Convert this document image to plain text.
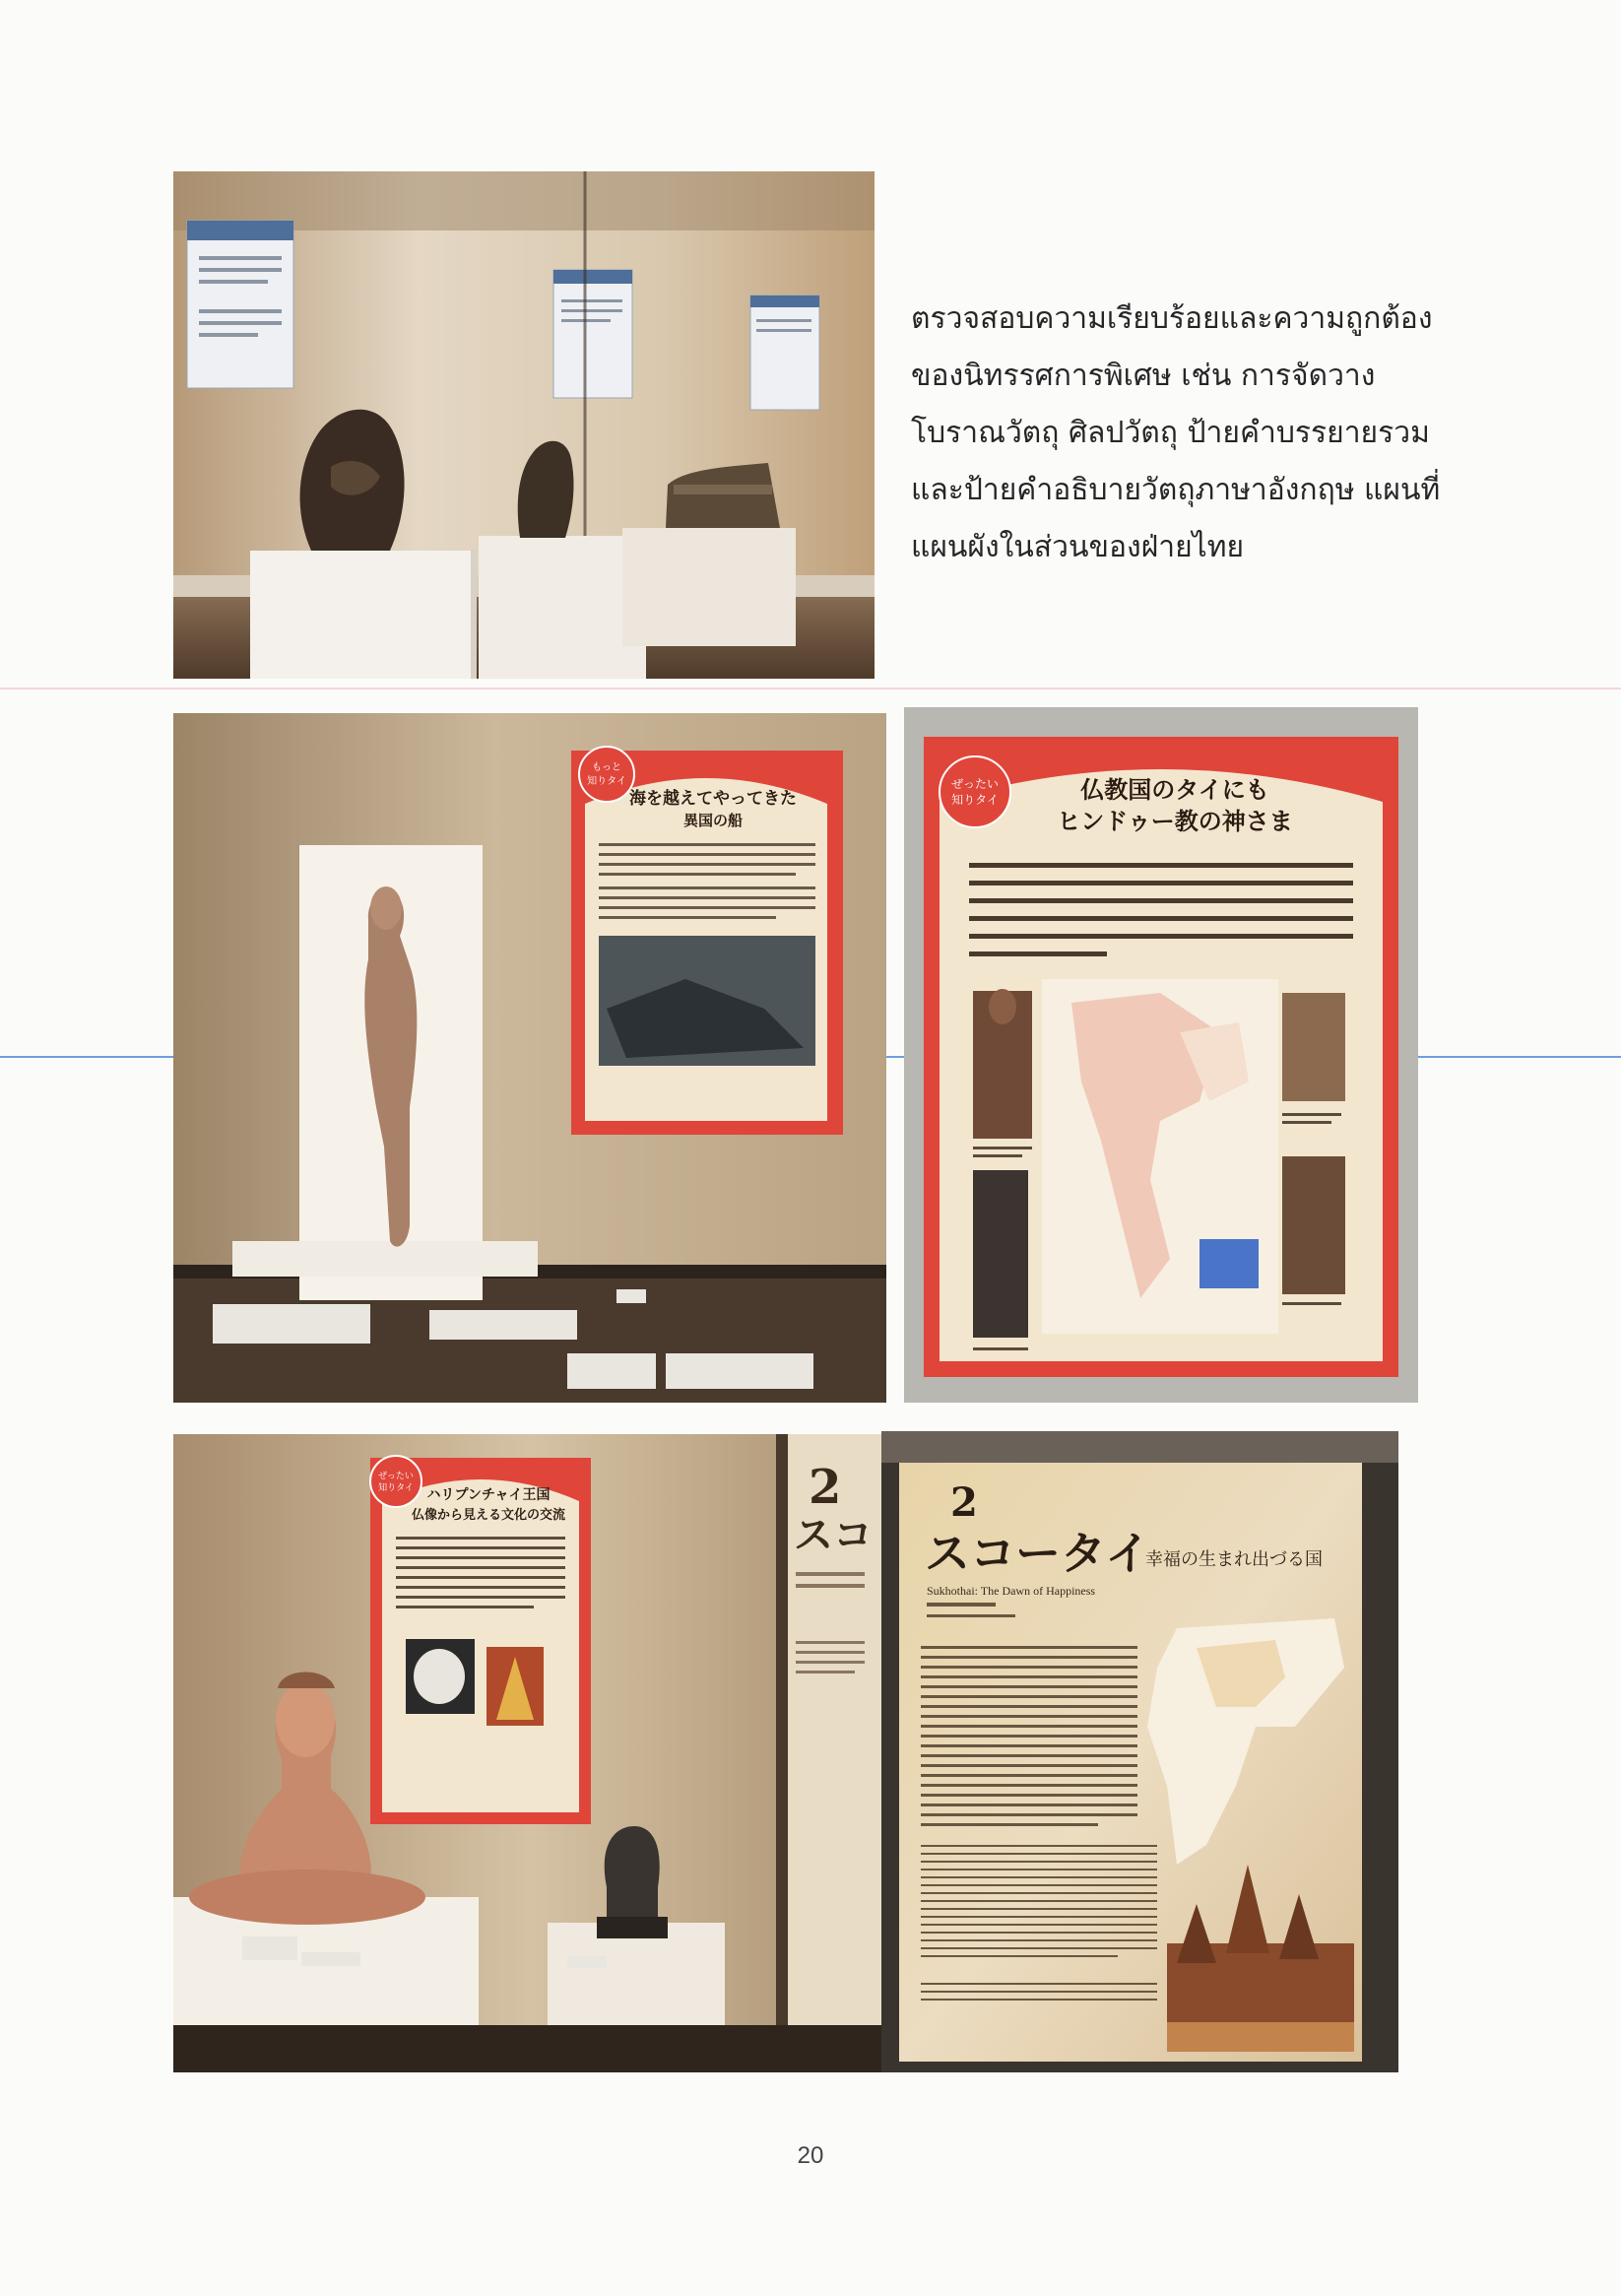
ตรวจสอบความเรียบร้อยและความถูกต้อง
ของนิทรรศการพิเศษ เช่น การจัดวาง
โบราณวัตถุ ศิลปวัตถุ ป้ายคำบรรยายรวม
และป้ายคำอธิบายวัตถุภาษาอังกฤษ แผนที่
แผนผังในส่วนของฝ่ายไทย
もっと
知りタイ
海を越えてやってきた
異国の船
ぜったい
知りタイ	仏教国のタイにも
ヒンドゥー教の神さま
2
スコ
ぜったい
知りタイ ハリプンチャイ王国
仏像から見える文化の交流	2
スコータイ
幸福の生まれ出づる国
Sukhothai: The Dawn of Happiness
20
